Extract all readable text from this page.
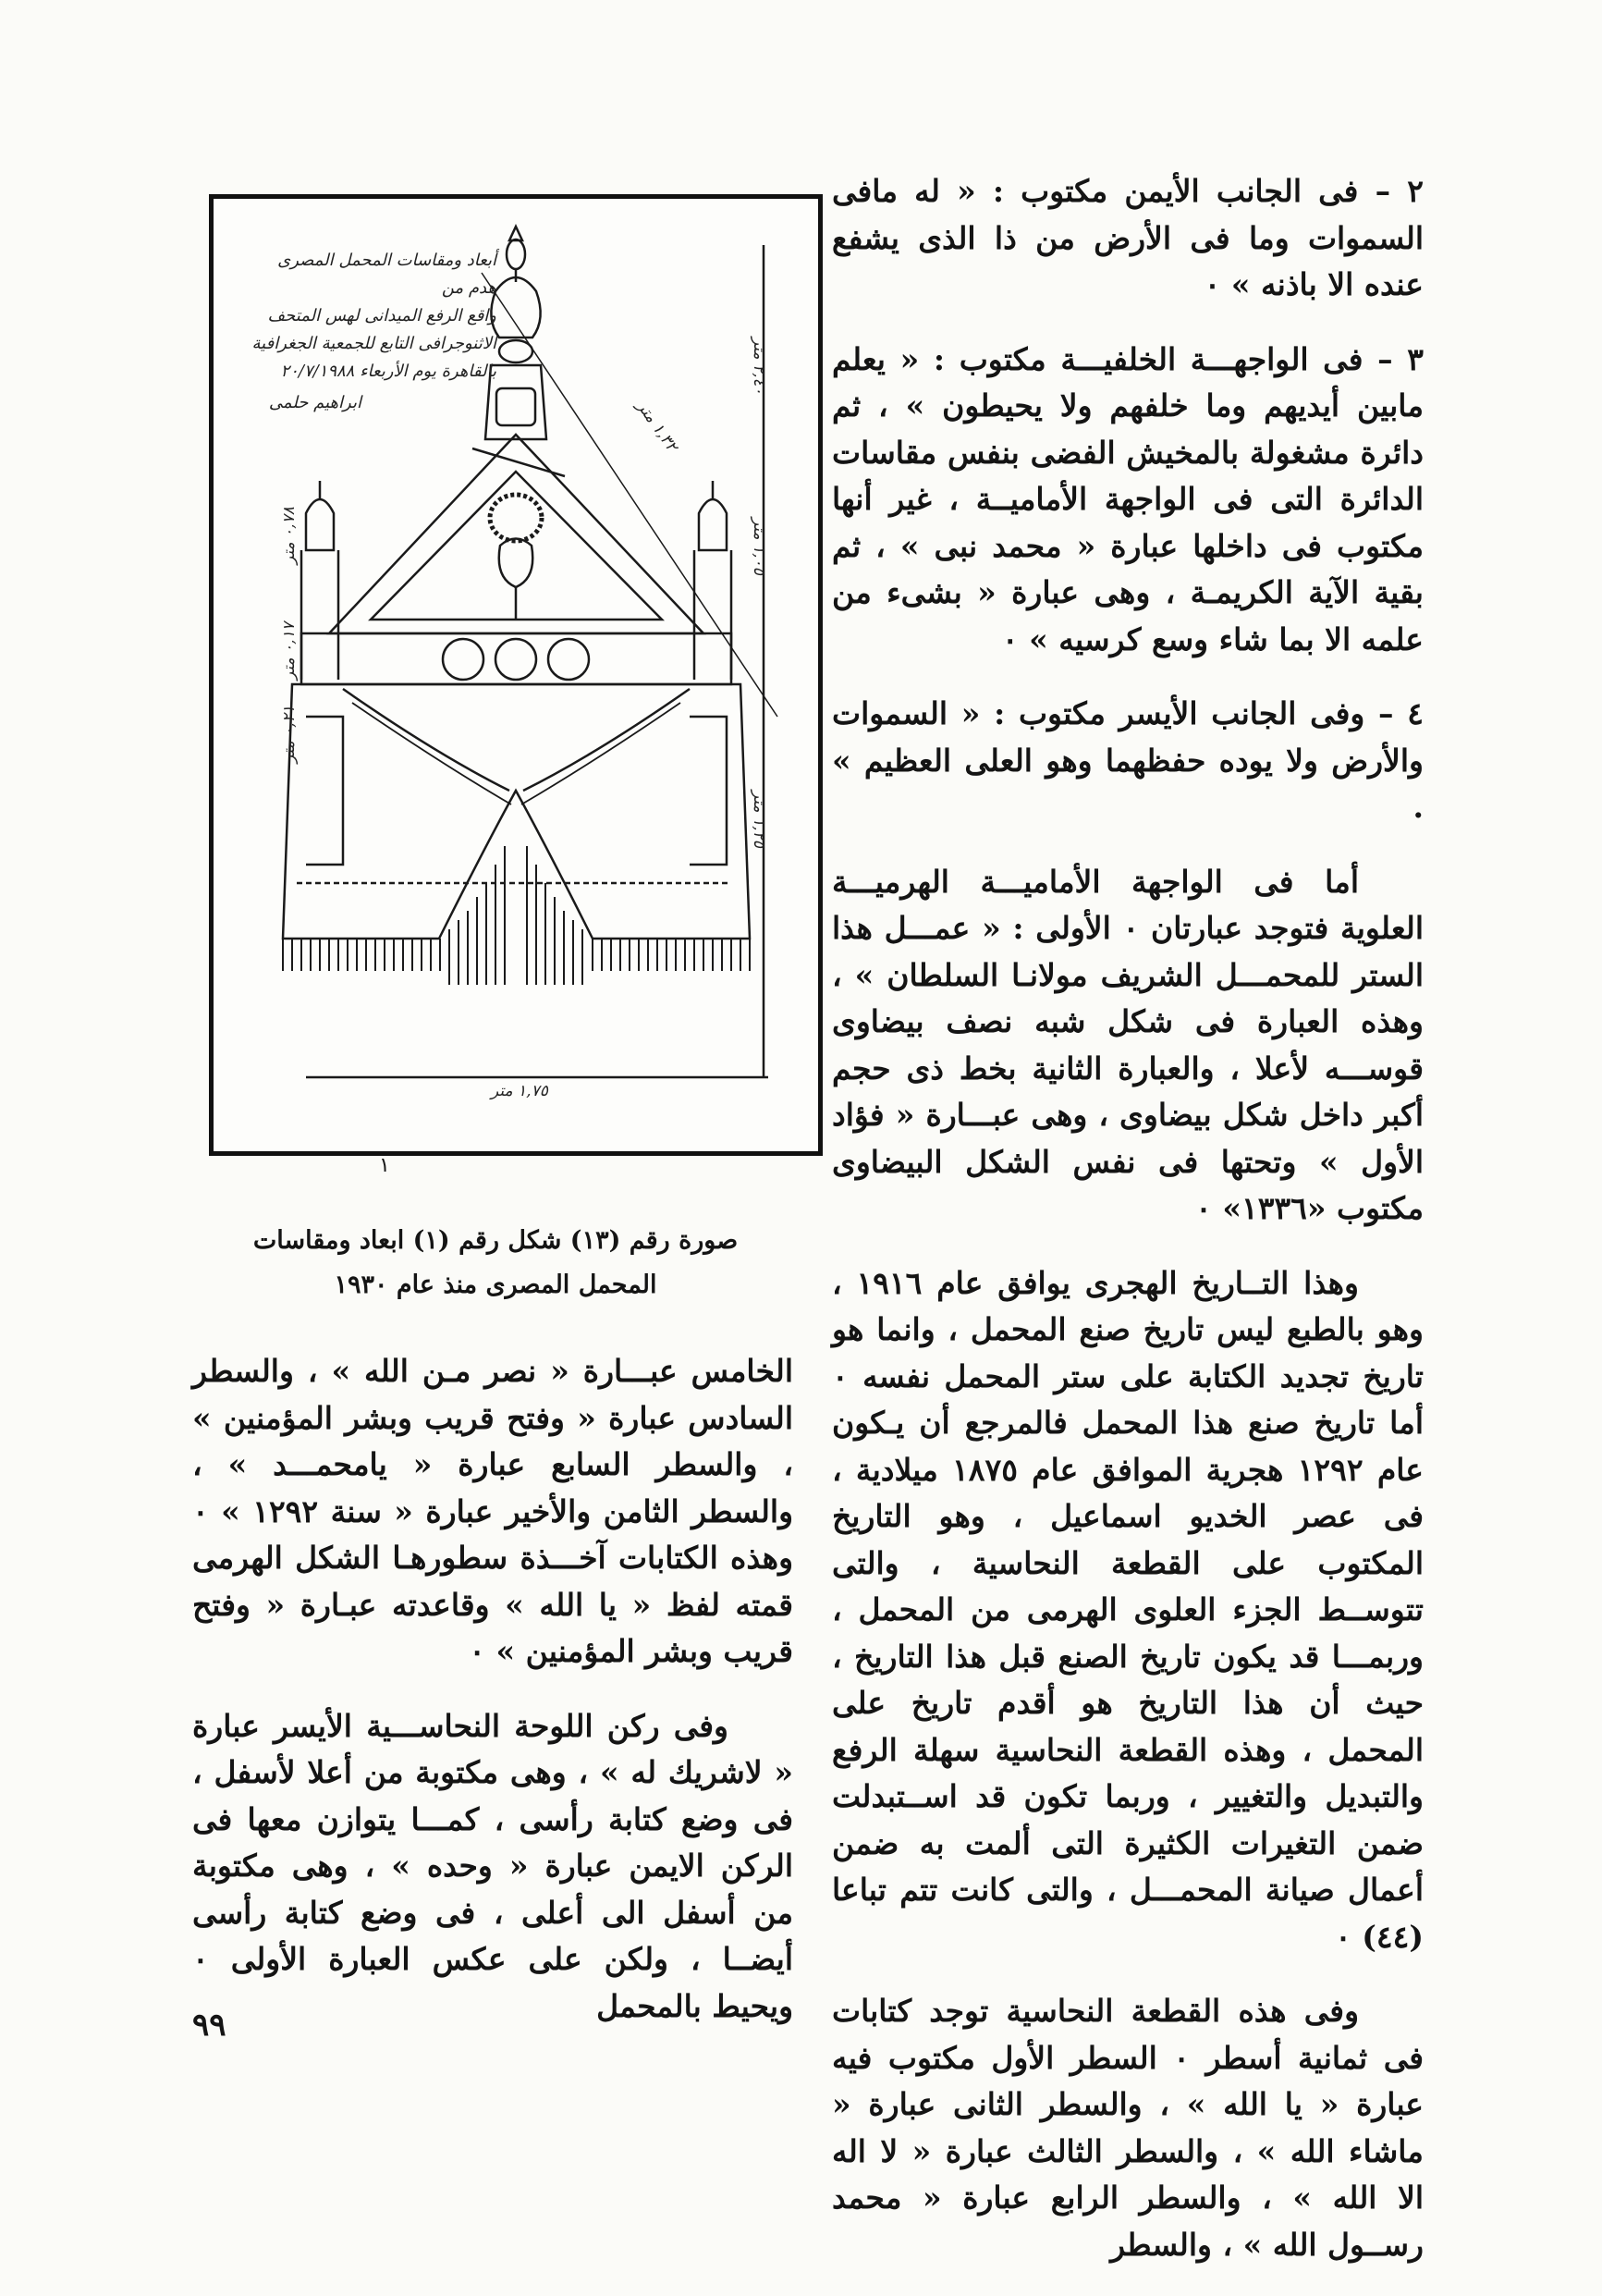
٢ – فى الجانب الأيمن مكتوب : « له مافى السموات وما فى الأرض من ذا الذى يشفع عنده الا باذنه » ٠

٣ – فى الواجهـــة الخلفيـــة مكتوب : « يعلم مابين أيديهم وما خلفهم ولا يحيطون » ، ثم دائرة مشغولة بالمخيش الفضى بنفس مقاسات الدائرة التى فى الواجهة الأماميــة ، غير أنها مكتوب فى داخلها عبارة « محمد نبى » ، ثم بقية الآية الكريمـة ، وهى عبارة « بشىء من علمه الا بما شاء وسع كرسيه » ٠

٤ – وفى الجانب الأيسر مكتوب : « السموات والأرض ولا يوده حفظهما وهو العلى العظيم » .

أما فى الواجهة الأماميـــة الهرميـــة العلوية فتوجد عبارتان ٠ الأولى : « عمـــل هذا الستر للمحمـــل الشريف مولانـا السلطان » ، وهذه العبارة فى شكل شبه نصف بيضاوى قوســـه لأعلا ، والعبارة الثانية بخط ذى حجم أكبر داخل شكل بيضاوى ، وهى عبـــارة « فؤاد الأول » وتحتها فى نفس الشكل البيضاوى مكتوب «١٣٣٦» ٠

وهذا التــاريخ الهجرى يوافق عام ١٩١٦ ، وهو بالطبع ليس تاريخ صنع المحمل ، وانما هو تاريخ تجديد الكتابة على ستر المحمل نفسه ٠ أما تاريخ صنع هذا المحمل فالمرجع أن يـكون عام ١٢٩٢ هجرية الموافق عام ١٨٧٥ ميلادية ، فى عصر الخديو اسماعيل ، وهو التاريخ المكتوب على القطعة النحاسية ، والتى تتوســط الجزء العلوى الهرمى من المحمل ، وربمـــا قد يكون تاريخ الصنع قبل هذا التاريخ ، حيث أن هذا التاريخ هو أقدم تاريخ على المحمل ، وهذه القطعة النحاسية سهلة الرفع والتبديل والتغيير ، وربما تكون قد اســتبدلت ضمن التغيرات الكثيرة التى ألمت به ضمن أعمال صيانة المحمـــل ، والتى كانت تتم تباعا (٤٤) ٠

وفى هذه القطعة النحاسية توجد كتابات فى ثمانية أسطر ٠ السطر الأول مكتوب فيه عبارة « يا الله » ، والسطر الثانى عبارة « ماشاء الله » ، والسطر الثالث عبارة « لا اله الا الله » ، والسطر الرابع عبارة « محمد رســول الله » ، والسطر

أبعاد ومقاسات المحمل المصرى هدم من
واقع الرفع الميدانى لهس المتحف
الاثنوجرافى التابع للجمعية الجغرافية
بالقاهرة يوم الأربعاء ٢٠/٧/١٩٨٨
ابراهيم حلمى
٢,٤٠ متر
١,٣٢ متر
١,٠٥ متر
٠,٧٨ متر
٠,١٧ متر
٠,٢١ متر
١,٢٥ متر
١,٧٥ متر
١
صورة رقم (١٣) شكل رقم (١) ابعاد ومقاسات
المحمل المصرى منذ عام ١٩٣٠

الخامس عبـــارة « نصر مـن الله » ، والسطر السادس عبارة « وفتح قريب وبشر المؤمنين » ، والسطر السابع عبارة « يامحمـــد » ، والسطر الثامن والأخير عبارة « سنة ١٢٩٢ » ٠ وهذه الكتابات آخـــذة سطورهـا الشكل الهرمى قمته لفظ « يا الله » وقاعدته عبـارة « وفتح قريب وبشر المؤمنين » ٠

وفى ركن اللوحة النحاســـية الأيسر عبارة « لاشريك له » ، وهى مكتوبة من أعلا لأسفل ، فى وضع كتابة رأسى ، كمـــا يتوازن معها فى الركن الايمن عبارة « وحده » ، وهى مكتوبة من أسفل الى أعلى ، فى وضع كتابة رأسى أيضــا ، ولكن على عكس العبارة الأولى ٠ ويحيط بالمحمل

٩٩
